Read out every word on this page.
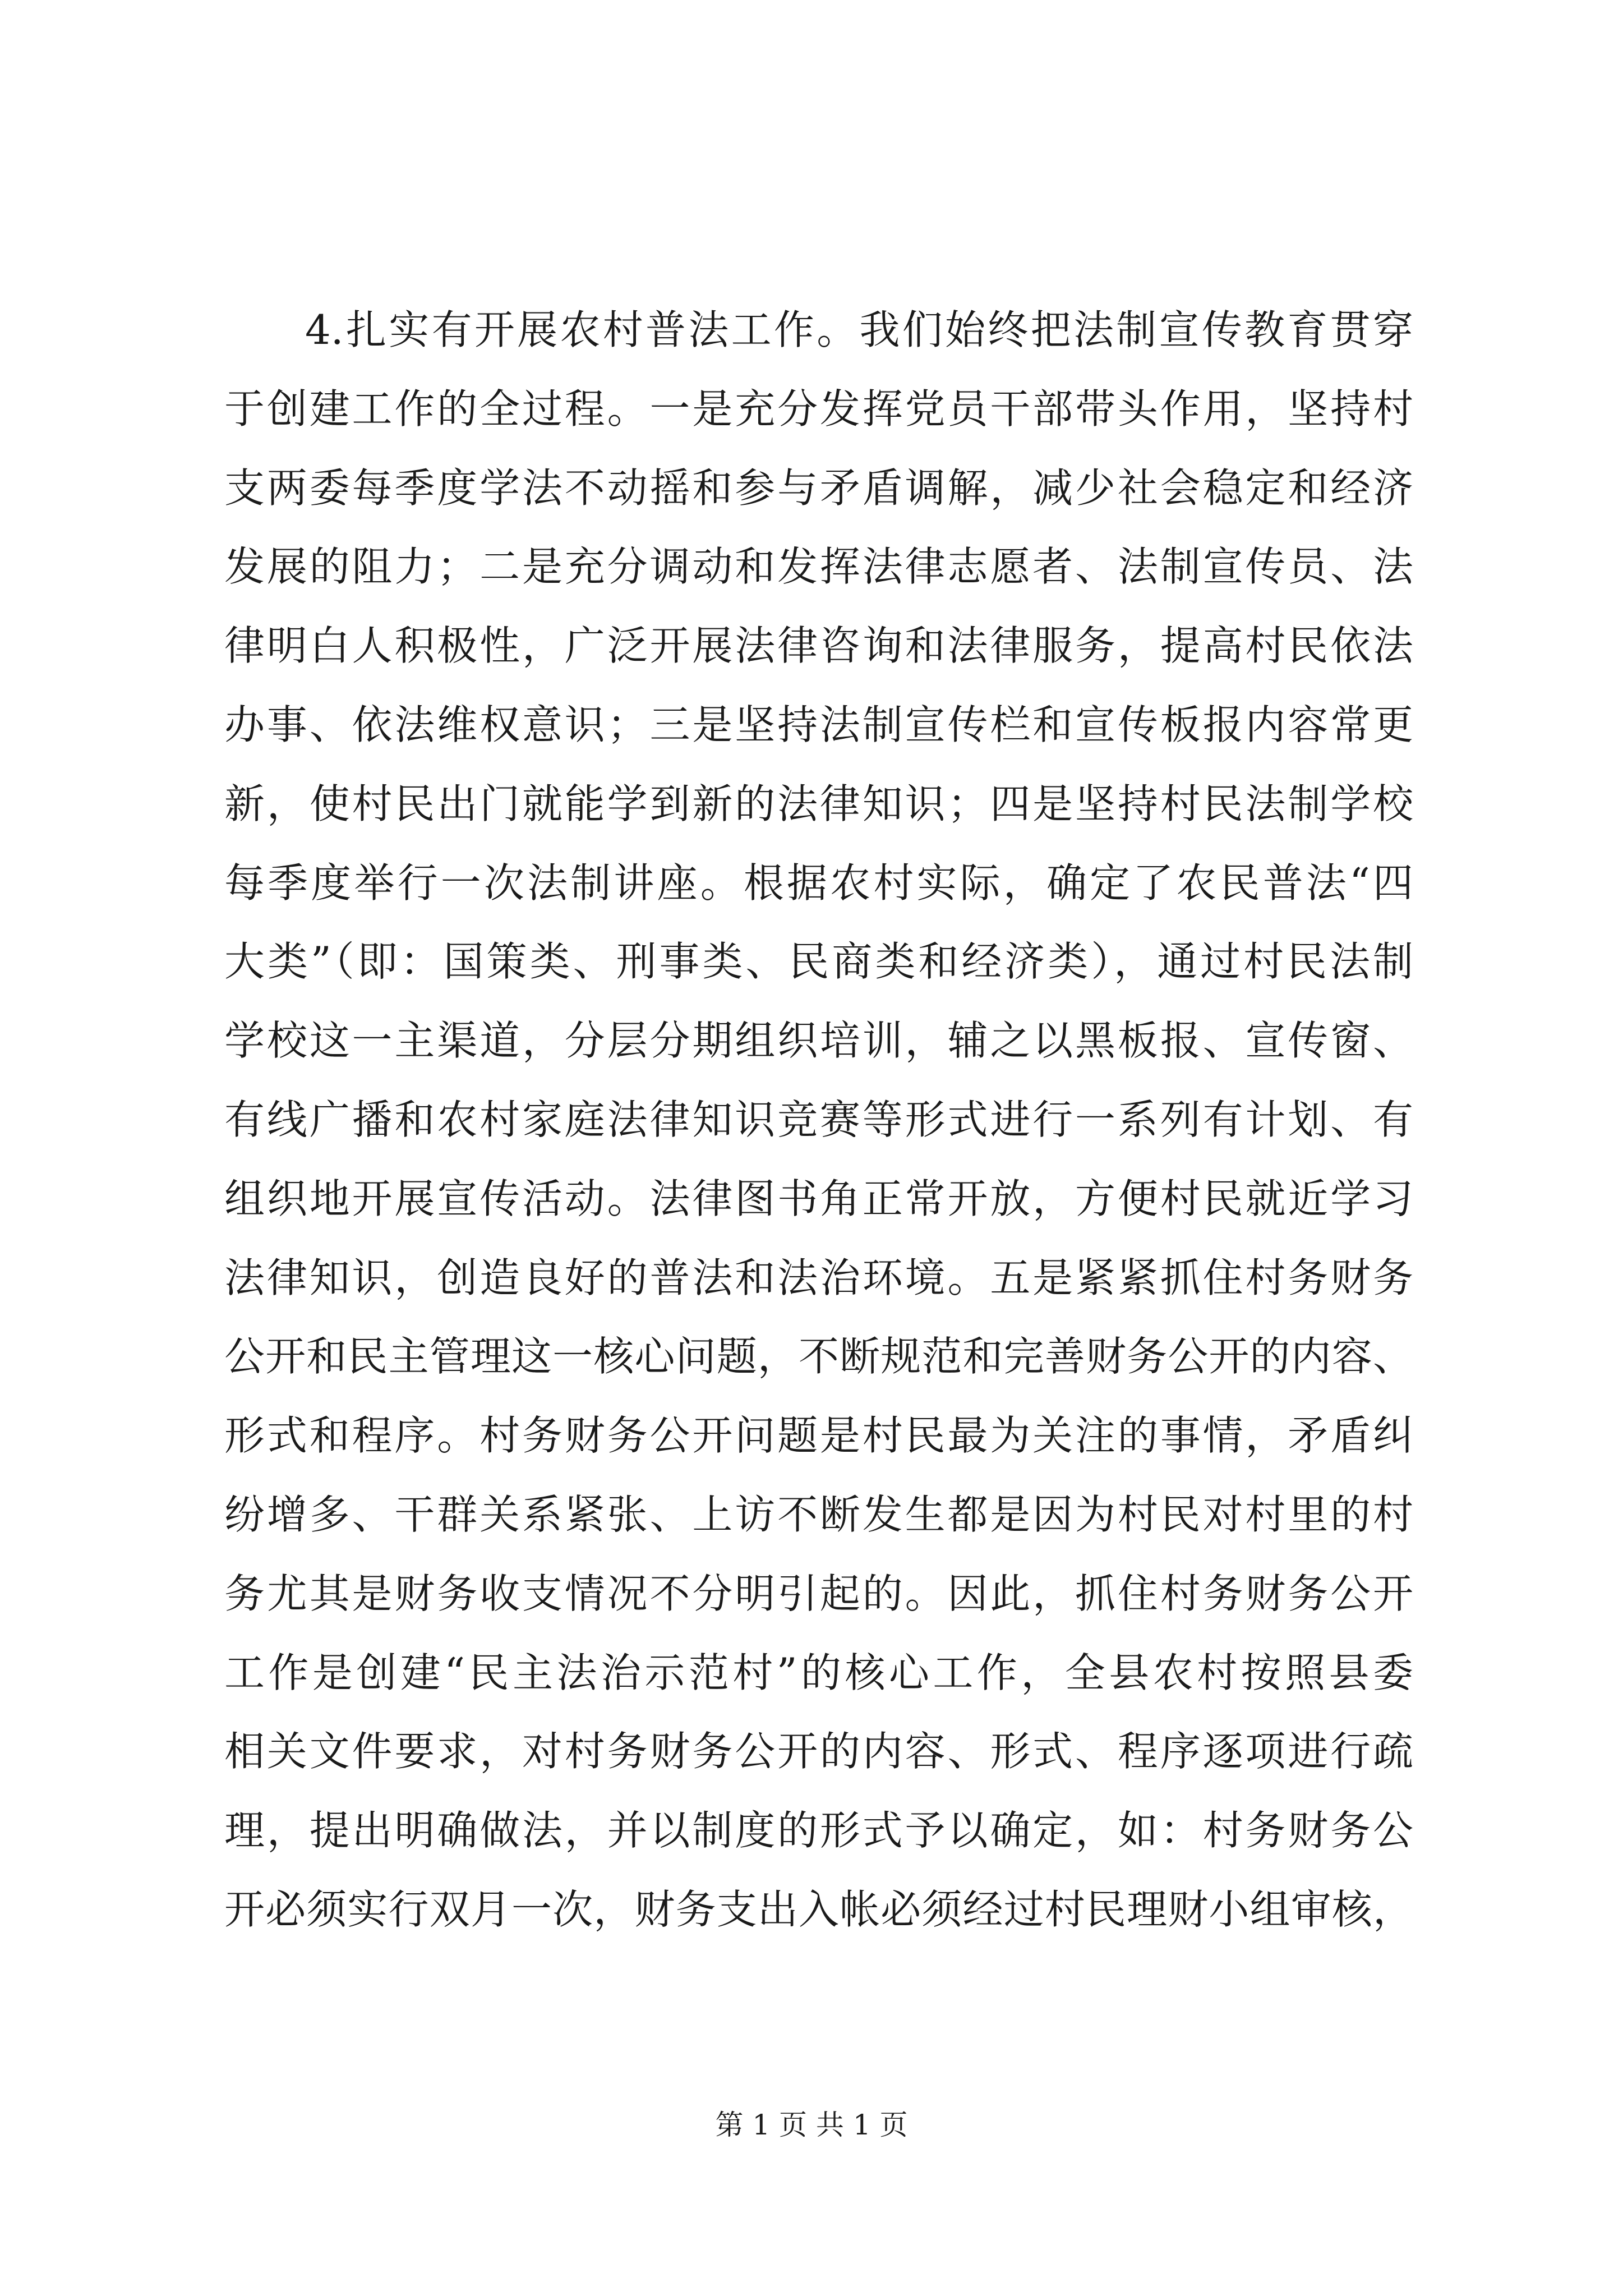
4.扎实有开展农村普法工作。我们始终把法制宣传教育贯穿
于创建工作的全过程。一是充分发挥党员干部带头作用，坚持村
支两委每季度学法不动摇和参与矛盾调解，减少社会稳定和经济
发展的阻力；二是充分调动和发挥法律志愿者、法制宣传员、法
律明白人积极性，广泛开展法律咨询和法律服务，提高村民依法
办事、依法维权意识；三是坚持法制宣传栏和宣传板报内容常更
新，使村民出门就能学到新的法律知识；四是坚持村民法制学校
每季度举行一次法制讲座。根据农村实际，确定了农民普法“四
大类”（即：国策类、刑事类、民商类和经济类），通过村民法制
学校这一主渠道，分层分期组织培训，辅之以黑板报、宣传窗、
有线广播和农村家庭法律知识竞赛等形式进行一系列有计划、有
组织地开展宣传活动。法律图书角正常开放，方便村民就近学习
法律知识，创造良好的普法和法治环境。五是紧紧抓住村务财务
公开和民主管理这一核心问题，不断规范和完善财务公开的内容、
形式和程序。村务财务公开问题是村民最为关注的事情，矛盾纠
纷增多、干群关系紧张、上访不断发生都是因为村民对村里的村
务尤其是财务收支情况不分明引起的。因此，抓住村务财务公开
工作是创建“民主法治示范村”的核心工作，全县农村按照县委
相关文件要求，对村务财务公开的内容、形式、程序逐项进行疏
理，提出明确做法，并以制度的形式予以确定，如：村务财务公
开必须实行双月一次，财务支出入帐必须经过村民理财小组审核，
第 1 页 共 1 页
